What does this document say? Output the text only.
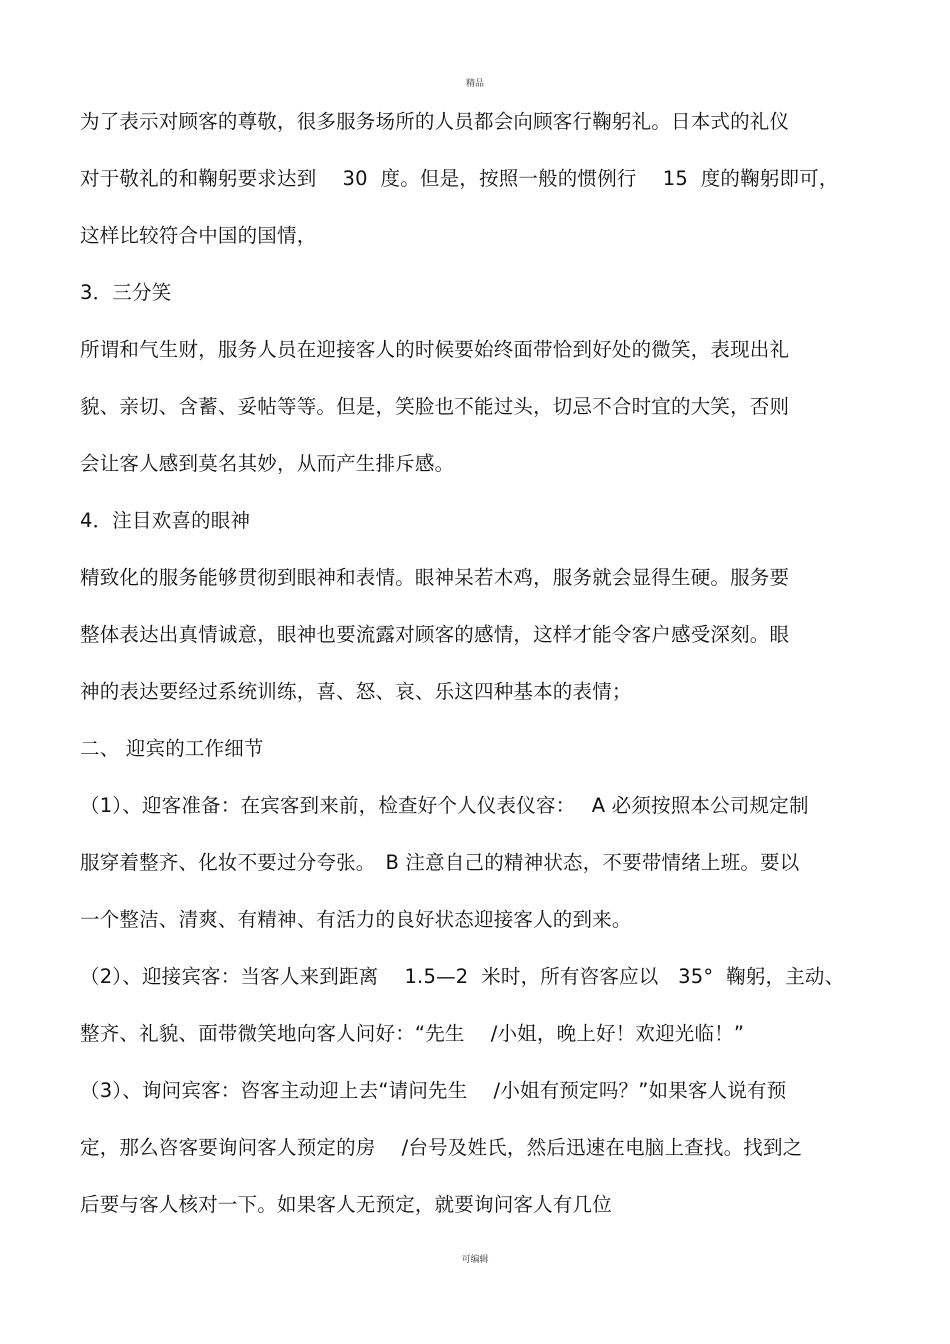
精品
为了表示对顾客的尊敬，很多服务场所的人员都会向顾客行鞠躬礼。日本式的礼仪
对于敬礼的和鞠躬要求达到　 30  度。但是，按照一般的惯例行　 15  度的鞠躬即可，
这样比较符合中国的国情，
3．三分笑
所谓和气生财，服务人员在迎接客人的时候要始终面带恰到好处的微笑，表现出礼
貌、亲切、含蓄、妥帖等等。但是，笑脸也不能过头，切忌不合时宜的大笑，否则
会让客人感到莫名其妙，从而产生排斥感。
4．注目欢喜的眼神
精致化的服务能够贯彻到眼神和表情。眼神呆若木鸡，服务就会显得生硬。服务要
整体表达出真情诚意，眼神也要流露对顾客的感情，这样才能令客户感受深刻。眼
神的表达要经过系统训练，喜、怒、哀、乐这四种基本的表情；
二、 迎宾的工作细节
（1）、迎客准备：在宾客到来前，检查好个人仪表仪容：　 A 必须按照本公司规定制
服穿着整齐、化妆不要过分夸张。　B 注意自己的精神状态，不要带情绪上班。要以
一个整洁、清爽、有精神、有活力的良好状态迎接客人的到来。
（2）、迎接宾客：当客人来到距离　 1.5—2  米时，所有咨客应以　35°  鞠躬，主动、
整齐、礼貌、面带微笑地向客人问好：“先生　 /小姐，晚上好！欢迎光临！”
（3）、询问宾客：咨客主动迎上去“请问先生　 /小姐有预定吗？”如果客人说有预
定，那么咨客要询问客人预定的房　 /台号及姓氏，然后迅速在电脑上查找。找到之
后要与客人核对一下。如果客人无预定，就要询问客人有几位
可编辑
